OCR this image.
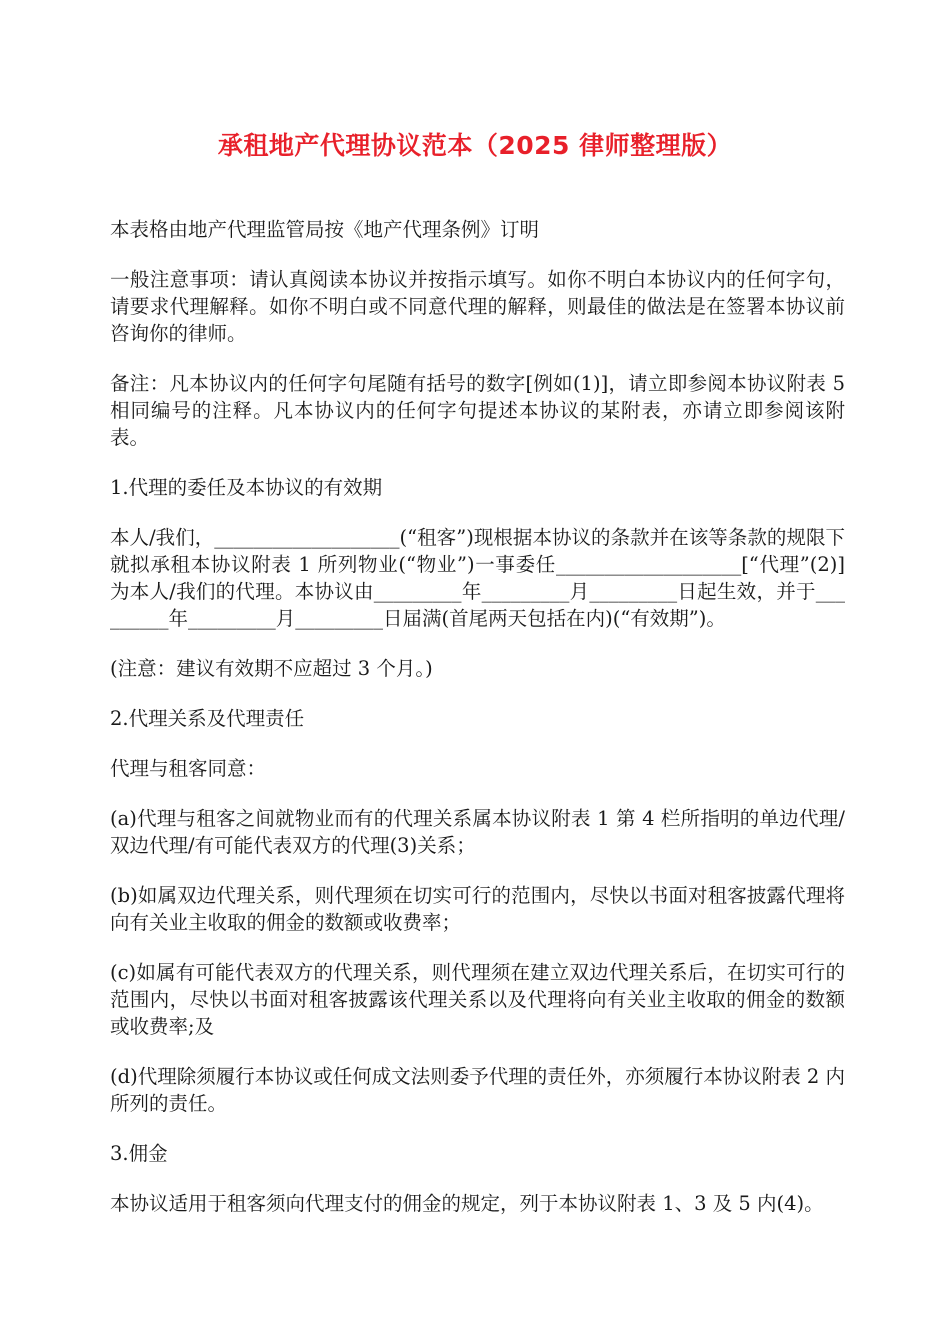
承租地产代理协议范本（2025 律师整理版）

本表格由地产代理监管局按《地产代理条例》订明

一般注意事项：请认真阅读本协议并按指示填写。如你不明白本协议内的任何字句，请要求代理解释。如你不明白或不同意代理的解释，则最佳的做法是在签署本协议前咨询你的律师。

备注：凡本协议内的任何字句尾随有括号的数字[例如(1)]，请立即参阅本协议附表 5 相同编号的注释。凡本协议内的任何字句提述本协议的某附表，亦请立即参阅该附表。

1.代理的委任及本协议的有效期

本人/我们，___________________(“租客”)现根据本协议的条款并在该等条款的规限下就拟承租本协议附表 1 所列物业(“物业”)一事委任___________________[“代理”(2)]为本人/我们的代理。本协议由_________年_________月_________日起生效，并于_________年_________月_________日届满(首尾两天包括在内)(“有效期”)。

(注意：建议有效期不应超过 3 个月。)

2.代理关系及代理责任

代理与租客同意：

(a)代理与租客之间就物业而有的代理关系属本协议附表 1 第 4 栏所指明的单边代理/双边代理/有可能代表双方的代理(3)关系；

(b)如属双边代理关系，则代理须在切实可行的范围内，尽快以书面对租客披露代理将向有关业主收取的佣金的数额或收费率；

(c)如属有可能代表双方的代理关系，则代理须在建立双边代理关系后，在切实可行的范围内，尽快以书面对租客披露该代理关系以及代理将向有关业主收取的佣金的数额或收费率;及

(d)代理除须履行本协议或任何成文法则委予代理的责任外，亦须履行本协议附表 2 内所列的责任。

3.佣金

本协议适用于租客须向代理支付的佣金的规定，列于本协议附表 1、3 及 5 内(4)。
